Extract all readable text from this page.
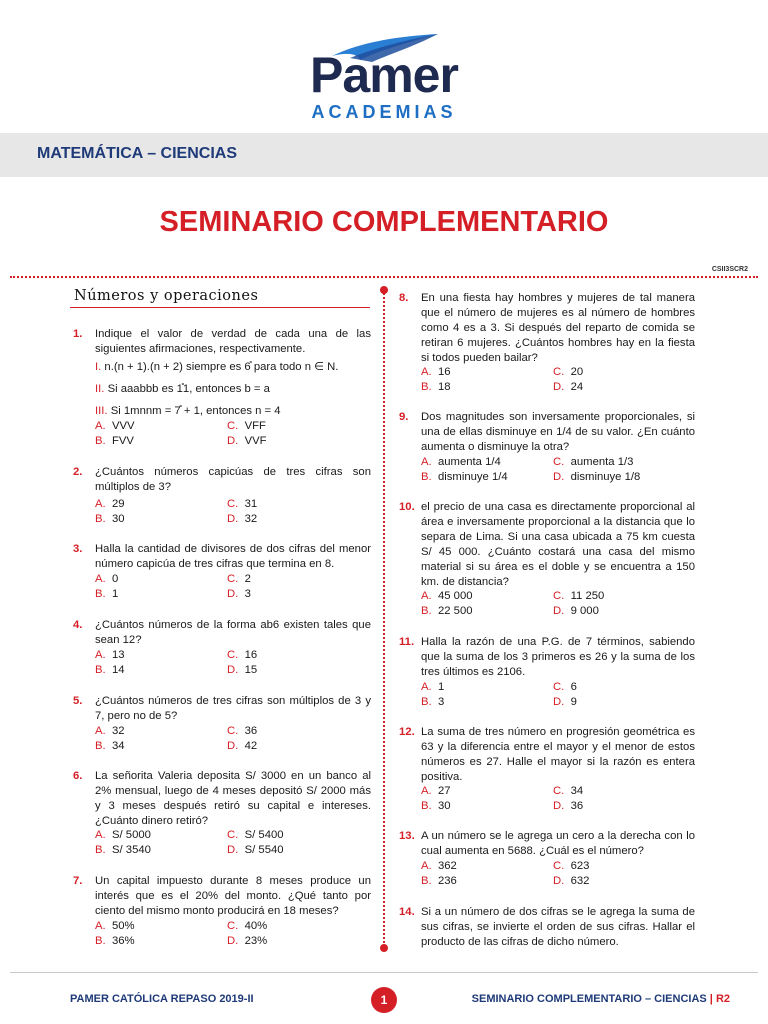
Pamer
ACADEMIAS
MATEMÁTICA – CIENCIAS
SEMINARIO COMPLEMENTARIO
CSII3SCR2
Números y operaciones
1. Indique el valor de verdad de cada una de las siguientes afirmaciones, respectivamente.
I. n.(n + 1).(n + 2) siempre es 6̊ para todo n ∈ N.
II. Si aaabbb es 1̊1, entonces b = a
III. Si 1mnnm = 7̊ + 1, entonces n = 4
A. VVV	C. VFF
B. FVV	D. VVF
2. ¿Cuántos números capicúas de tres cifras son múltiplos de 3?
A. 29	C. 31
B. 30	D. 32
3. Halla la cantidad de divisores de dos cifras del menor número capicúa de tres cifras que termina en 8.
A. 0	C. 2
B. 1	D. 3
4. ¿Cuántos números de la forma ab6 existen tales que sean 12?
A. 13	C. 16
B. 14	D. 15
5. ¿Cuántos números de tres cifras son múltiplos de 3 y 7, pero no de 5?
A. 32	C. 36
B. 34	D. 42
6. La señorita Valeria deposita S/ 3000 en un banco al 2% mensual, luego de 4 meses depositó S/ 2000 más y 3 meses después retiró su capital e intereses. ¿Cuánto dinero retiró?
A. S/ 5000	C. S/ 5400
B. S/ 3540	D. S/ 5540
7. Un capital impuesto durante 8 meses produce un interés que es el 20% del monto. ¿Qué tanto por ciento del mismo monto producirá en 18 meses?
A. 50%	C. 40%
B. 36%	D. 23%
8. En una fiesta hay hombres y mujeres de tal manera que el número de mujeres es al número de hombres como 4 es a 3. Si después del reparto de comida se retiran 6 mujeres. ¿Cuántos hombres hay en la fiesta si todos pueden bailar?
A. 16	C. 20
B. 18	D. 24
9. Dos magnitudes son inversamente proporcionales, si una de ellas disminuye en 1/4 de su valor. ¿En cuánto aumenta o disminuye la otra?
A. aumenta 1/4	C. aumenta 1/3
B. disminuye 1/4	D. disminuye 1/8
10. el precio de una casa es directamente proporcional al área e inversamente proporcional a la distancia que lo separa de Lima. Si una casa ubicada a 75 km cuesta S/ 45 000. ¿Cuánto costará una casa del mismo material si su área es el doble y se encuentra a 150 km. de distancia?
A. 45 000	C. 11 250
B. 22 500	D. 9 000
11. Halla la razón de una P.G. de 7 términos, sabiendo que la suma de los 3 primeros es 26 y la suma de los tres últimos es 2106.
A. 1	C. 6
B. 3	D. 9
12. La suma de tres número en progresión geométrica es 63 y la diferencia entre el mayor y el menor de estos números es 27. Halle el mayor si la razón es entera positiva.
A. 27	C. 34
B. 30	D. 36
13. A un número se le agrega un cero a la derecha con lo cual aumenta en 5688. ¿Cuál es el número?
A. 362	C. 623
B. 236	D. 632
14. Si a un número de dos cifras se le agrega la suma de sus cifras, se invierte el orden de sus cifras. Hallar el producto de las cifras de dicho número.
PAMER CATÓLICA REPASO 2019-II	1	SEMINARIO COMPLEMENTARIO – CIENCIAS | R2
